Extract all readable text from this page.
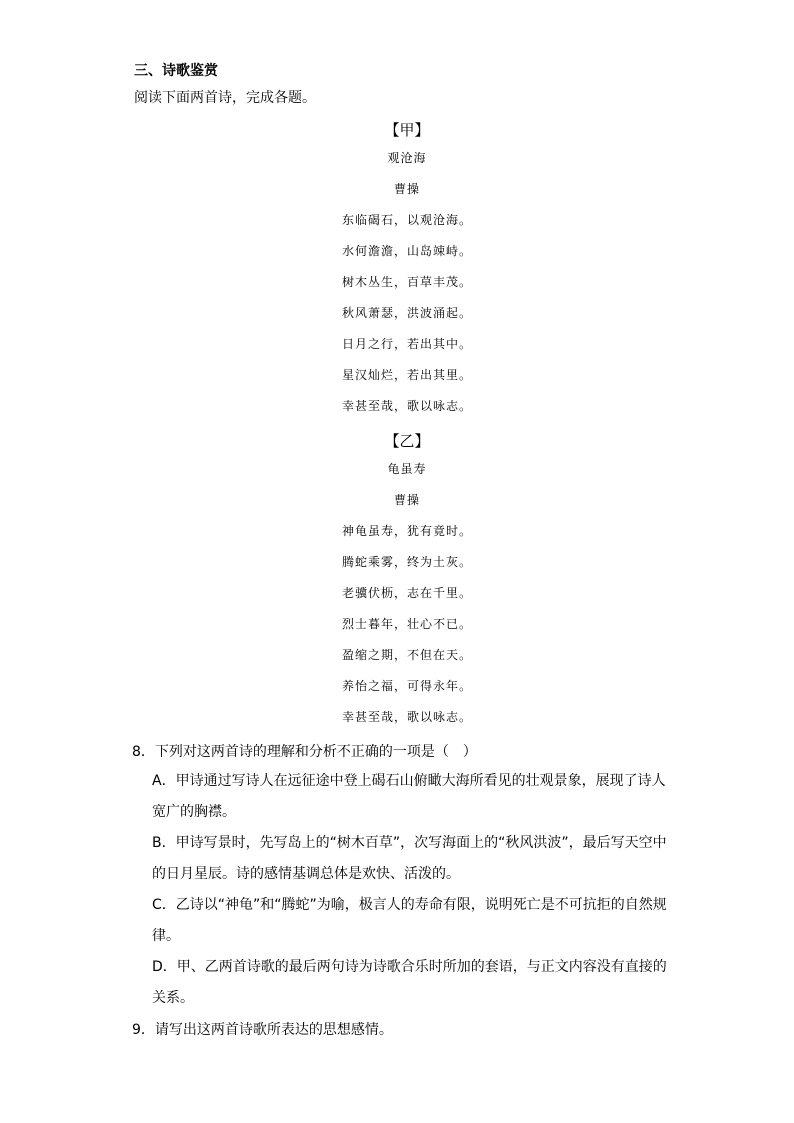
三、诗歌鉴赏
阅读下面两首诗，完成各题。
【甲】
观沧海
曹操
东临碣石，以观沧海。
水何澹澹，山岛竦峙。
树木丛生，百草丰茂。
秋风萧瑟，洪波涌起。
日月之行，若出其中。
星汉灿烂，若出其里。
幸甚至哉，歌以咏志。
【乙】
龟虽寿
曹操
神龟虽寿，犹有竟时。
腾蛇乘雾，终为土灰。
老骥伏枥，志在千里。
烈士暮年，壮心不已。
盈缩之期，不但在天。
养怡之福，可得永年。
幸甚至哉，歌以咏志。
8．下列对这两首诗的理解和分析不正确的一项是（　）
A．甲诗通过写诗人在远征途中登上碣石山俯瞰大海所看见的壮观景象，展现了诗人
宽广的胸襟。
B．甲诗写景时，先写岛上的“树木百草”，次写海面上的“秋风洪波”，最后写天空中
的日月星辰。诗的感情基调总体是欢快、活泼的。
C．乙诗以“神龟”和“腾蛇”为喻，极言人的寿命有限，说明死亡是不可抗拒的自然规
律。
D．甲、乙两首诗歌的最后两句诗为诗歌合乐时所加的套语，与正文内容没有直接的
关系。
9．请写出这两首诗歌所表达的思想感情。
